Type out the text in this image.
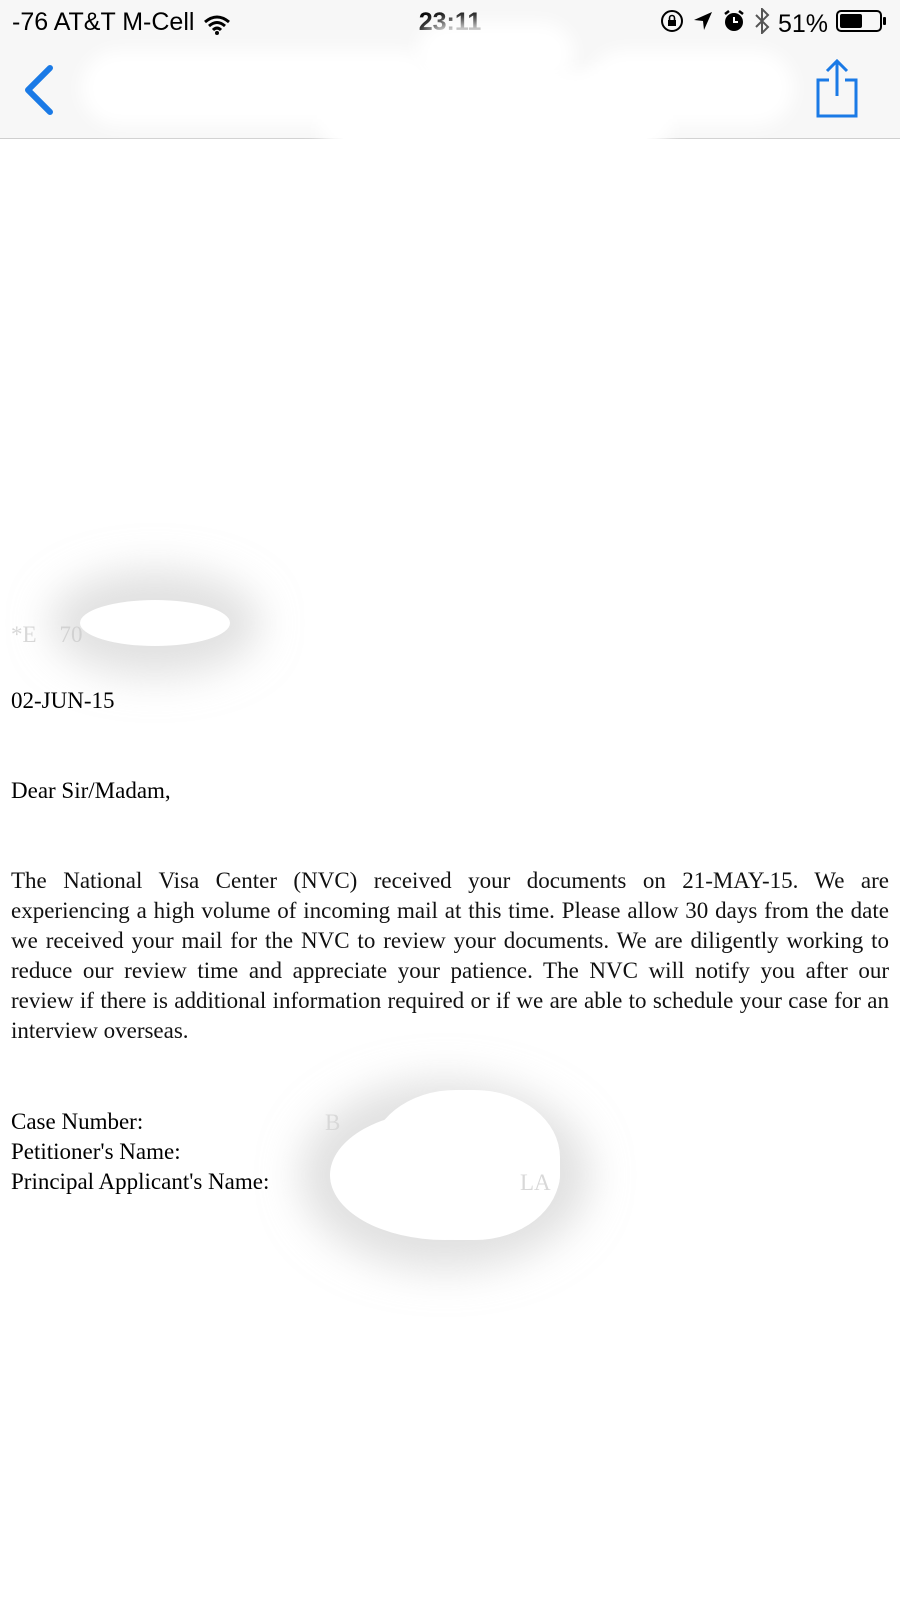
-76 AT&T M-Cell	23:11	51%
*E    70
02-JUN-15
Dear Sir/Madam,

The National Visa Center (NVC) received your documents on 21-MAY-15. We are experiencing a high volume of incoming mail at this time. Please allow 30 days from the date we received your mail for the NVC to review your documents. We are diligently working to reduce our review time and appreciate your patience. The NVC will notify you after our review if there is additional information required or if we are able to schedule your case for an interview overseas.

Case Number:
Petitioner's Name:
Principal Applicant's Name:
B
LA
